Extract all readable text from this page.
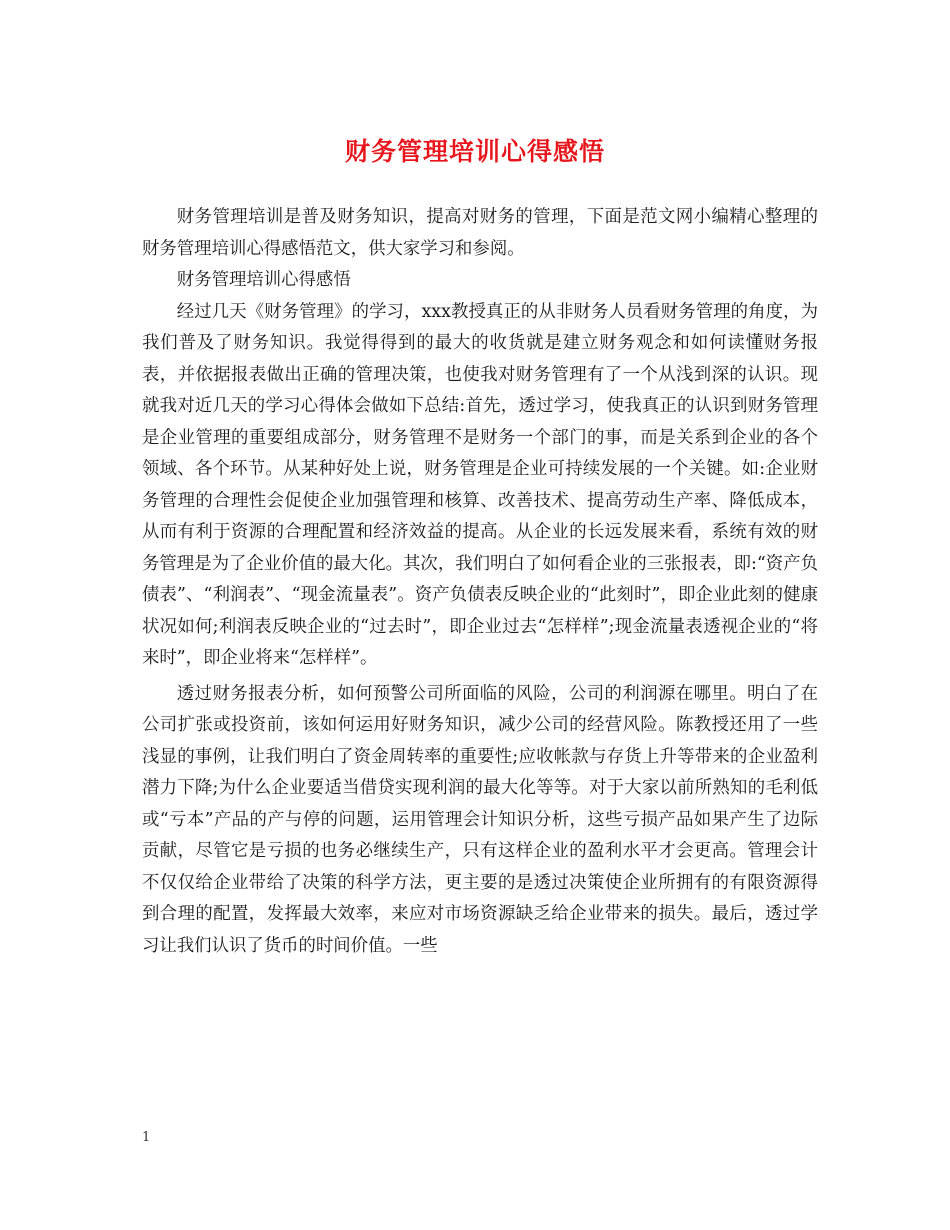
财务管理培训心得感悟

财务管理培训是普及财务知识，提高对财务的管理，下面是范文网小编精心整理的财务管理培训心得感悟范文，供大家学习和参阅。

财务管理培训心得感悟

经过几天《财务管理》的学习，xxx教授真正的从非财务人员看财务管理的角度，为我们普及了财务知识。我觉得得到的最大的收货就是建立财务观念和如何读懂财务报表，并依据报表做出正确的管理决策，也使我对财务管理有了一个从浅到深的认识。现就我对近几天的学习心得体会做如下总结:首先，透过学习，使我真正的认识到财务管理是企业管理的重要组成部分，财务管理不是财务一个部门的事，而是关系到企业的各个领域、各个环节。从某种好处上说，财务管理是企业可持续发展的一个关键。如:企业财务管理的合理性会促使企业加强管理和核算、改善技术、提高劳动生产率、降低成本，从而有利于资源的合理配置和经济效益的提高。从企业的长远发展来看，系统有效的财务管理是为了企业价值的最大化。其次，我们明白了如何看企业的三张报表，即:“资产负债表”、“利润表”、“现金流量表”。资产负债表反映企业的“此刻时”，即企业此刻的健康状况如何;利润表反映企业的“过去时”，即企业过去“怎样样”;现金流量表透视企业的“将来时”，即企业将来“怎样样”。

透过财务报表分析，如何预警公司所面临的风险，公司的利润源在哪里。明白了在公司扩张或投资前，该如何运用好财务知识，减少公司的经营风险。陈教授还用了一些浅显的事例，让我们明白了资金周转率的重要性;应收帐款与存货上升等带来的企业盈利潜力下降;为什么企业要适当借贷实现利润的最大化等等。对于大家以前所熟知的毛利低或“亏本”产品的产与停的问题，运用管理会计知识分析，这些亏损产品如果产生了边际贡献，尽管它是亏损的也务必继续生产，只有这样企业的盈利水平才会更高。管理会计不仅仅给企业带给了决策的科学方法，更主要的是透过决策使企业所拥有的有限资源得到合理的配置，发挥最大效率，来应对市场资源缺乏给企业带来的损失。最后，透过学习让我们认识了货币的时间价值。一些

1
